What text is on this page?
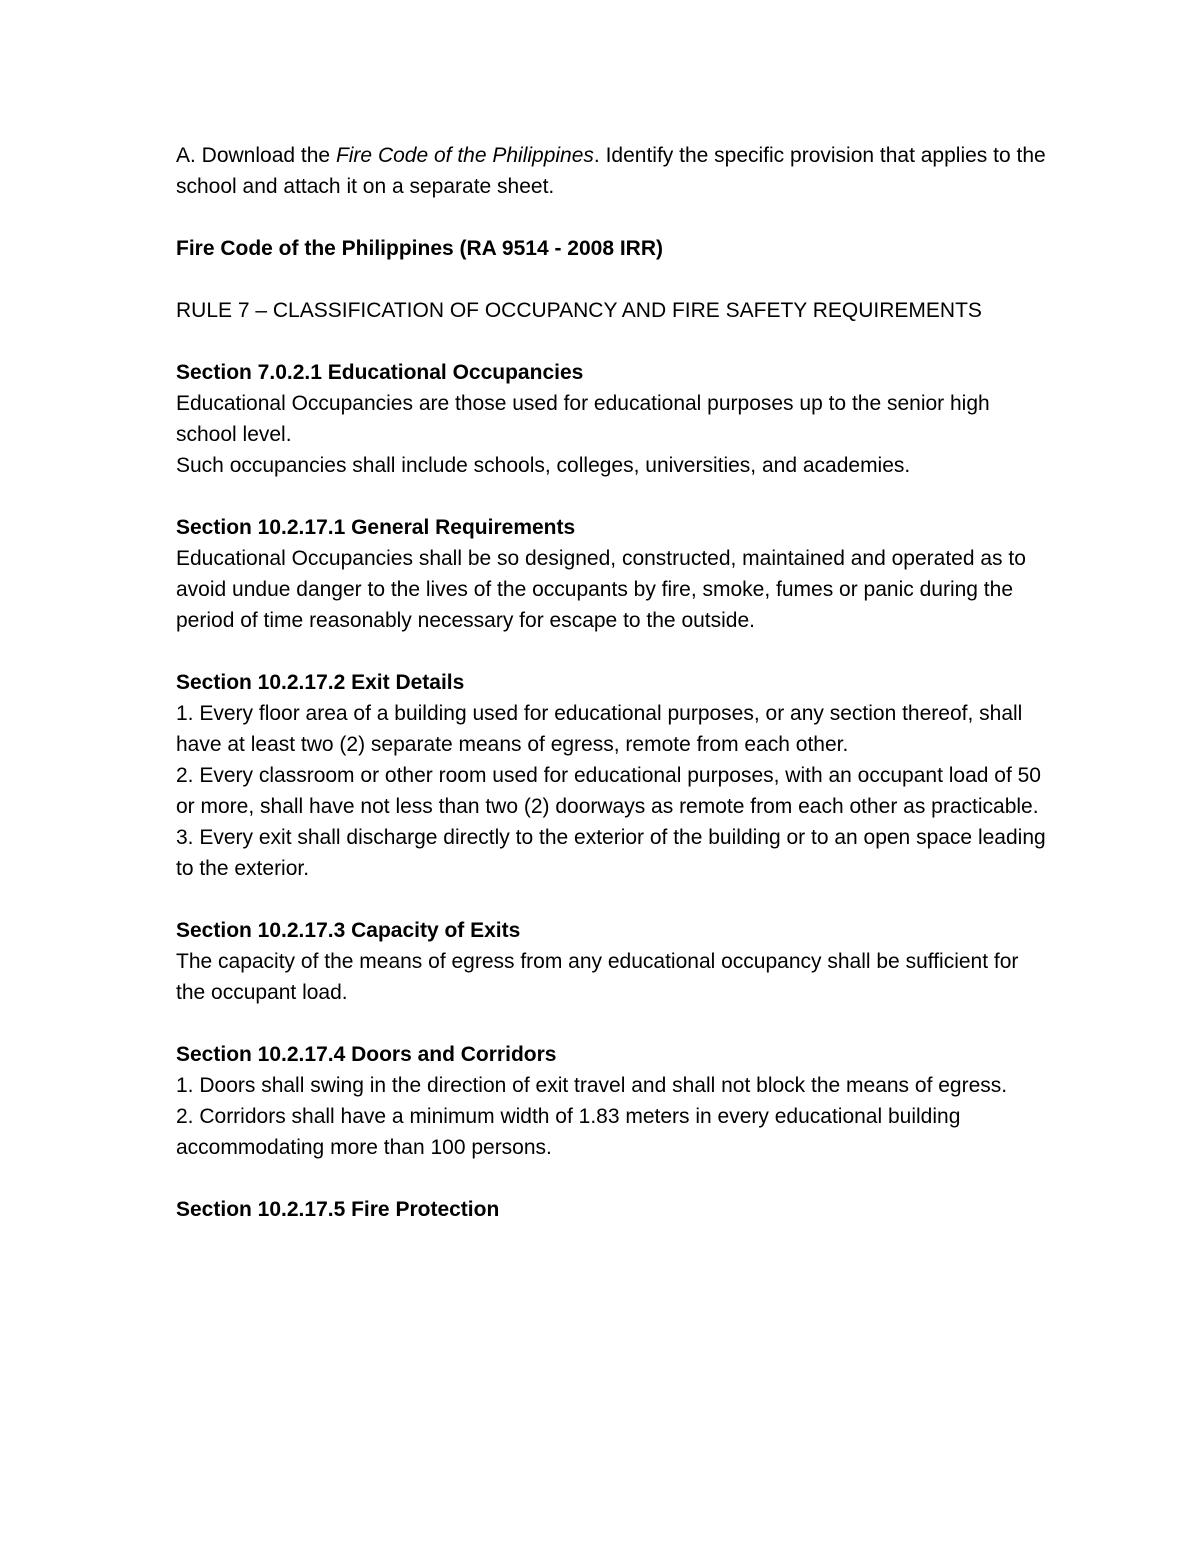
A. Download the Fire Code of the Philippines. Identify the specific provision that applies to the school and attach it on a separate sheet.

Fire Code of the Philippines (RA 9514 - 2008 IRR)

RULE 7 – CLASSIFICATION OF OCCUPANCY AND FIRE SAFETY REQUIREMENTS

Section 7.0.2.1 Educational Occupancies

Educational Occupancies are those used for educational purposes up to the senior high school level.
Such occupancies shall include schools, colleges, universities, and academies.

Section 10.2.17.1 General Requirements

Educational Occupancies shall be so designed, constructed, maintained and operated as to avoid undue danger to the lives of the occupants by fire, smoke, fumes or panic during the period of time reasonably necessary for escape to the outside.

Section 10.2.17.2 Exit Details

1. Every floor area of a building used for educational purposes, or any section thereof, shall have at least two (2) separate means of egress, remote from each other.
2. Every classroom or other room used for educational purposes, with an occupant load of 50 or more, shall have not less than two (2) doorways as remote from each other as practicable.
3. Every exit shall discharge directly to the exterior of the building or to an open space leading to the exterior.

Section 10.2.17.3 Capacity of Exits

The capacity of the means of egress from any educational occupancy shall be sufficient for the occupant load.

Section 10.2.17.4 Doors and Corridors

1. Doors shall swing in the direction of exit travel and shall not block the means of egress.
2. Corridors shall have a minimum width of 1.83 meters in every educational building accommodating more than 100 persons.

Section 10.2.17.5 Fire Protection
